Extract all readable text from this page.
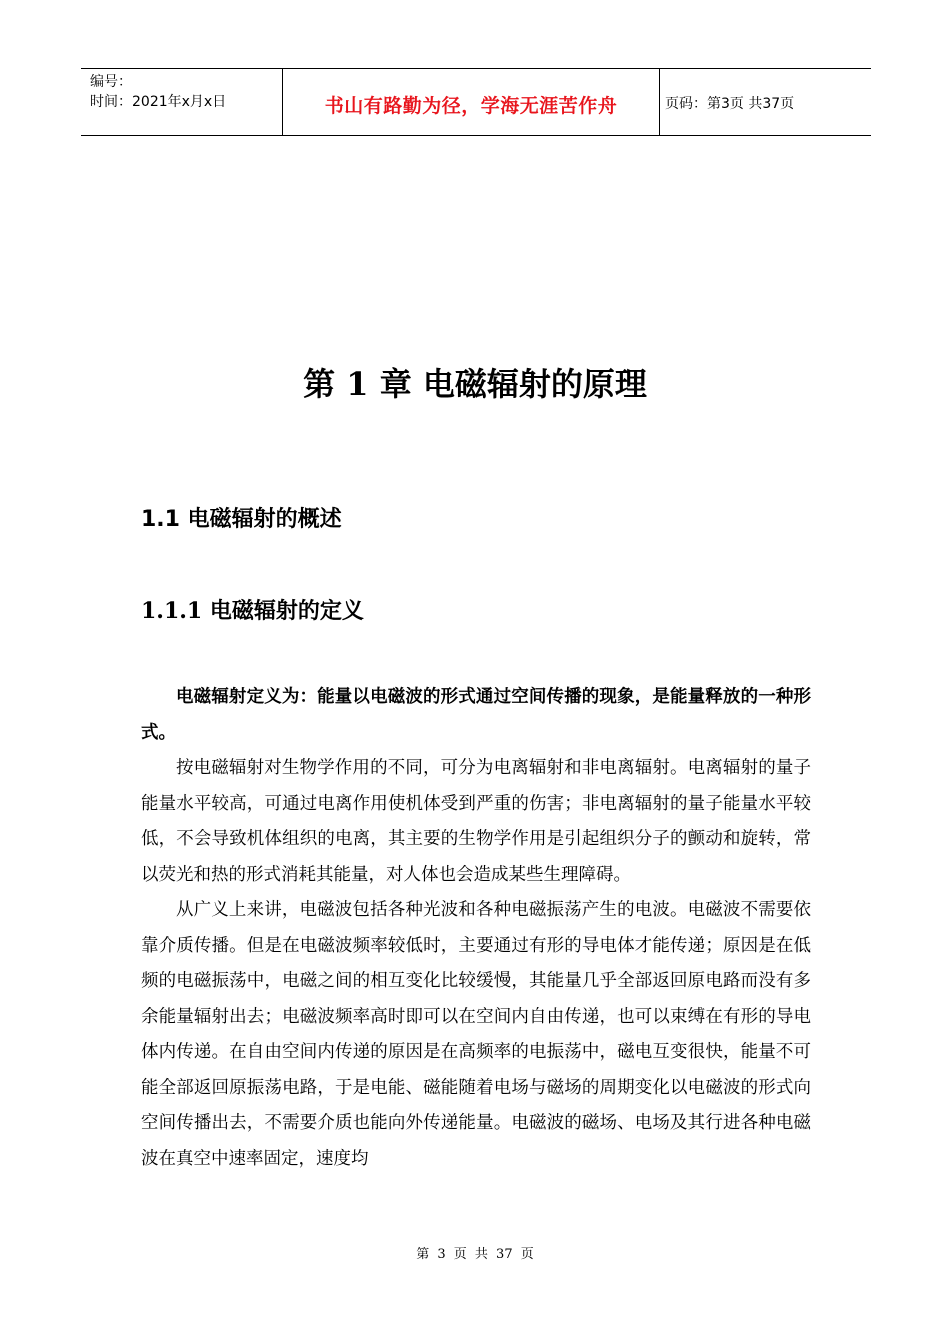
编号：
时间：2021年x月x日	书山有路勤为径，学海无涯苦作舟	页码：第3页 共37页
第 1 章 电磁辐射的原理
1.1 电磁辐射的概述
1.1.1 电磁辐射的定义

电磁辐射定义为：能量以电磁波的形式通过空间传播的现象，是能量释放的一种形式。

按电磁辐射对生物学作用的不同，可分为电离辐射和非电离辐射。电离辐射的量子能量水平较高，可通过电离作用使机体受到严重的伤害；非电离辐射的量子能量水平较低，不会导致机体组织的电离，其主要的生物学作用是引起组织分子的颤动和旋转，常以荧光和热的形式消耗其能量，对人体也会造成某些生理障碍。

从广义上来讲，电磁波包括各种光波和各种电磁振荡产生的电波。电磁波不需要依靠介质传播。但是在电磁波频率较低时，主要通过有形的导电体才能传递；原因是在低频的电磁振荡中，电磁之间的相互变化比较缓慢，其能量几乎全部返回原电路而没有多余能量辐射出去；电磁波频率高时即可以在空间内自由传递，也可以束缚在有形的导电体内传递。在自由空间内传递的原因是在高频率的电振荡中，磁电互变很快，能量不可能全部返回原振荡电路，于是电能、磁能随着电场与磁场的周期变化以电磁波的形式向空间传播出去，不需要介质也能向外传递能量。电磁波的磁场、电场及其行进各种电磁波在真空中速率固定，速度均

第 3 页 共 37 页
